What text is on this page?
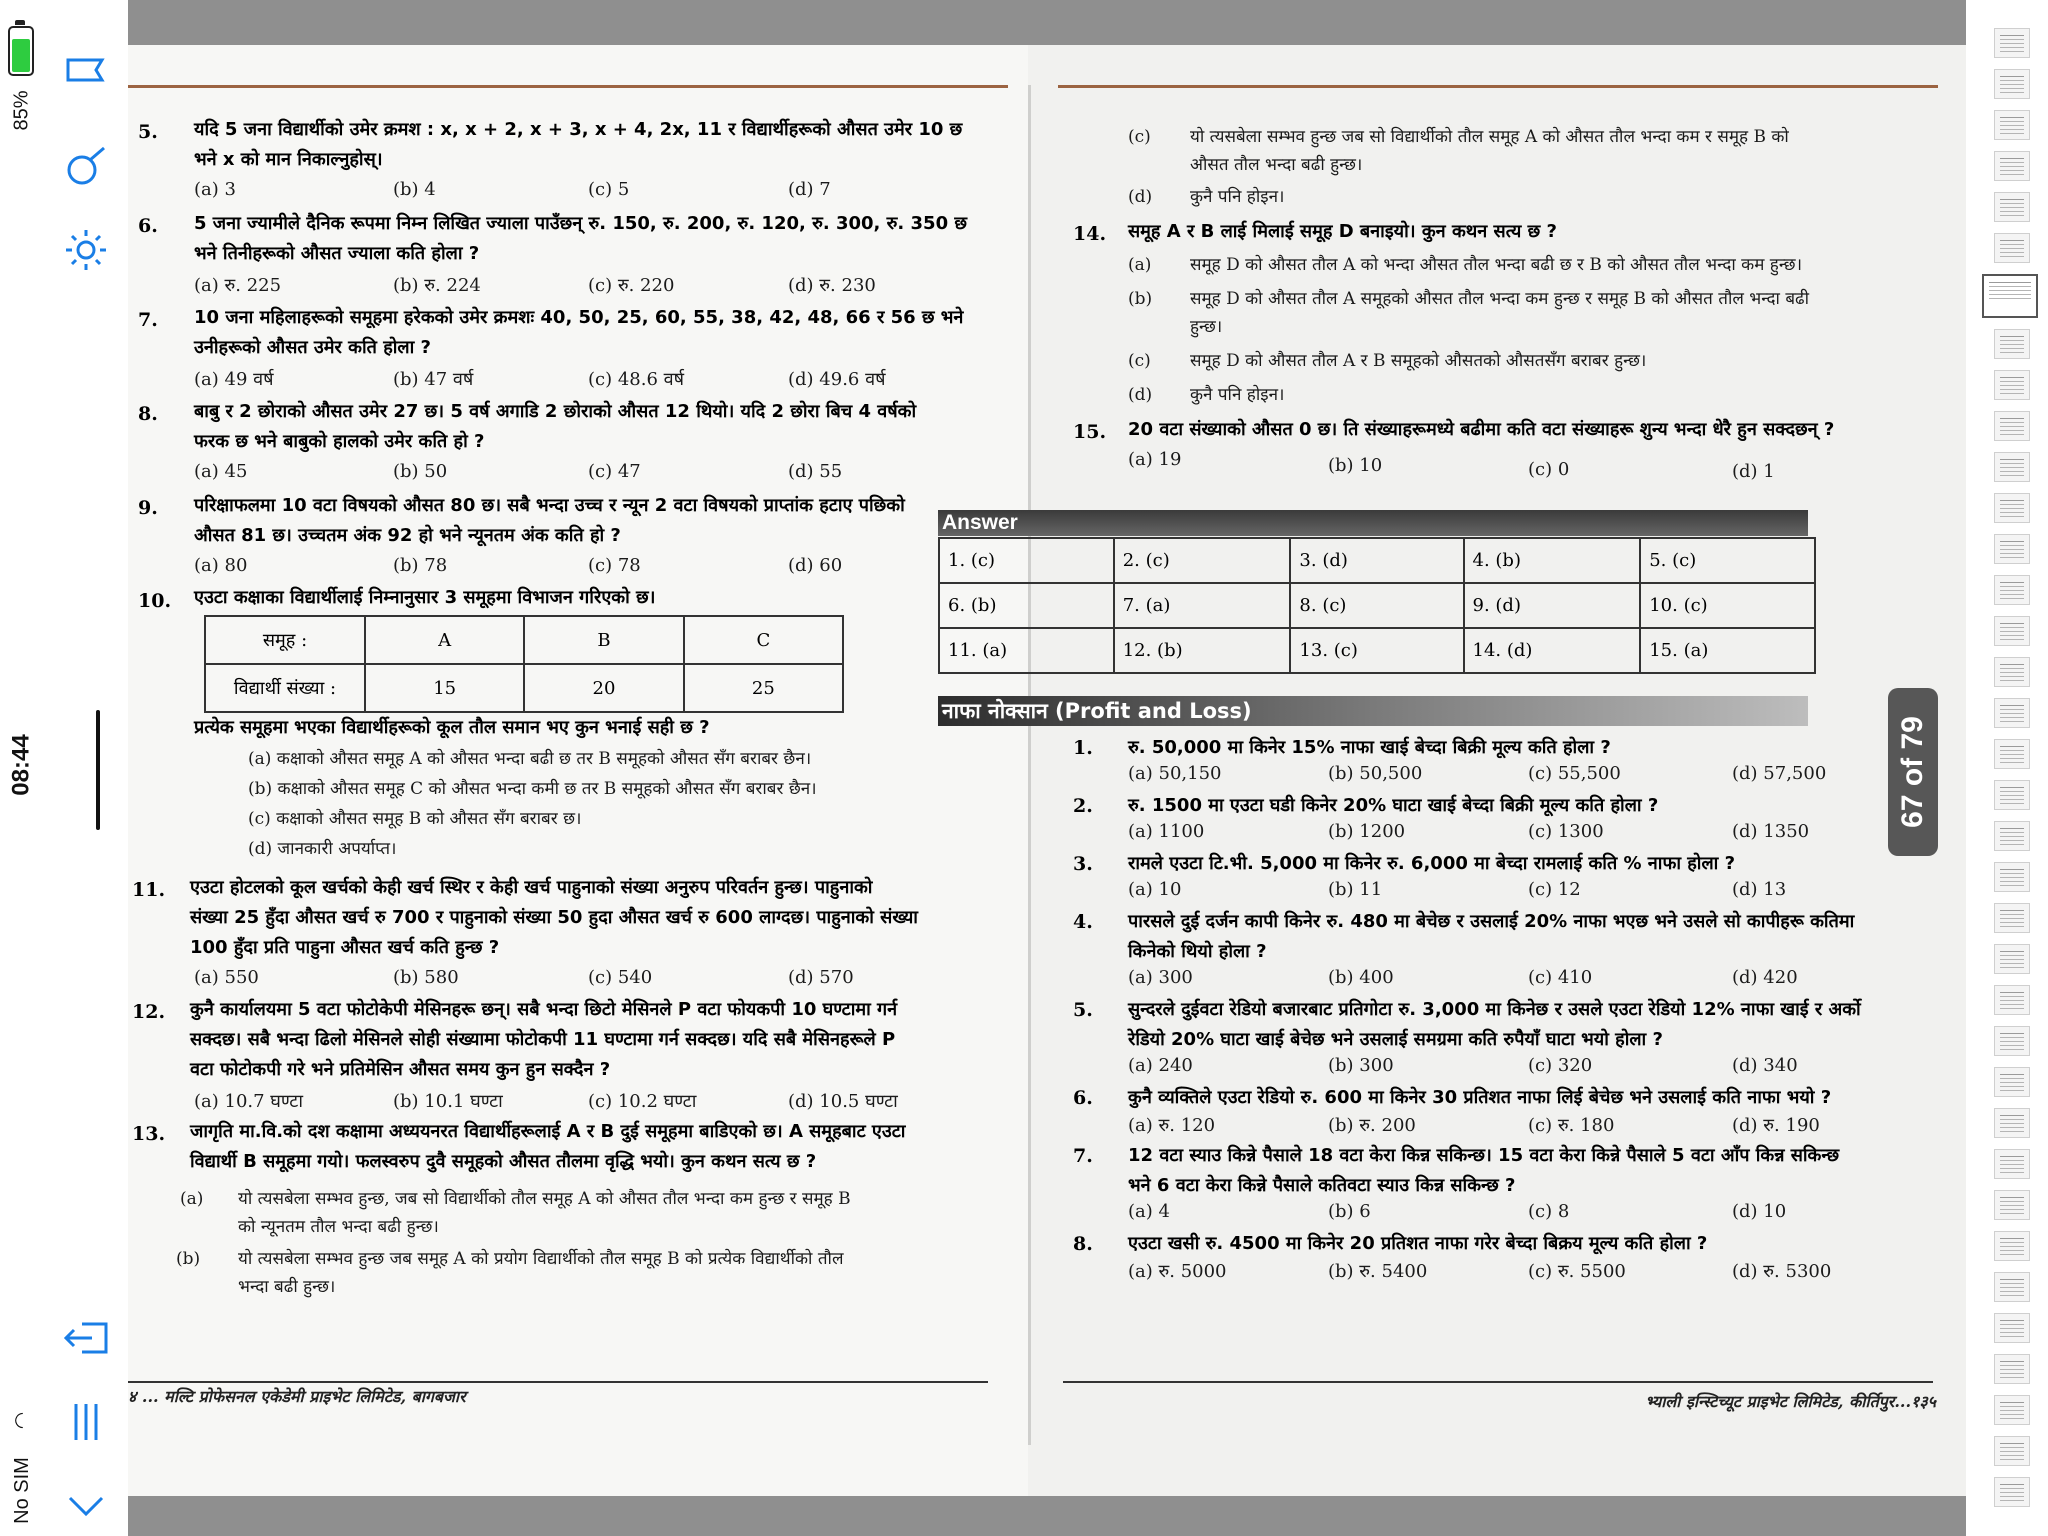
85%
08:44
◠
No SIM
10. एउटा कक्षाका विद्यार्थीलाई निम्नानुसार 3 समूहमा विभाजन गरिएको छ।
समूह :	A	B	C
विद्यार्थी संख्या :	15	20	25
प्रत्येक समूहमा भएका विद्यार्थीहरूको कूल तौल समान भए कुन भनाई सही छ ?
(a) कक्षाको औसत समूह A को औसत भन्दा बढी छ तर B समूहको औसत सँग बराबर छैन।
(b) कक्षाको औसत समूह C को औसत भन्दा कमी छ तर B समूहको औसत सँग बराबर छैन।
(c) कक्षाको औसत समूह B को औसत सँग बराबर छ।
(d) जानकारी अपर्याप्त।
(a) यो त्यसबेला सम्भव हुन्छ, जब सो विद्यार्थीको तौल समूह A को औसत तौल भन्दा कम हुन्छ र समूह B
को न्यूनतम तौल भन्दा बढी हुन्छ।
(b) यो त्यसबेला सम्भव हुन्छ जब समूह A को प्रयोग विद्यार्थीको तौल समूह B को प्रत्येक विद्यार्थीको तौल
भन्दा बढी हुन्छ।
४ ... मल्टि प्रोफेसनल एकेडेमी प्राइभेट लिमिटेड, बागबजार
(c) यो त्यसबेला सम्भव हुन्छ जब सो विद्यार्थीको तौल समूह A को औसत तौल भन्दा कम र समूह B को
औसत तौल भन्दा बढी हुन्छ।
(d) कुनै पनि होइन।
14. समूह A र B लाई मिलाई समूह D बनाइयो। कुन कथन सत्य छ ?
15. 20 वटा संख्याको औसत 0 छ। ति संख्याहरूमध्ये बढीमा कति वटा संख्याहरू शुन्य भन्दा धेरै हुन सक्दछन् ?
(a) 19	(b) 10	(c) 0	(d) 1
Answer
1. (c)	2. (c)	3. (d)	4. (b)	5. (c)
6. (b)	7. (a)	8. (c)	9. (d)	10. (c)
11. (a)	12. (b)	13. (c)	14. (d)	15. (a)
नाफा नोक्सान (Profit and Loss)
भ्याली इन्स्टिच्यूट प्राइभेट लिमिटेड, कीर्तिपुर...१३५
5. यदि 5 जना विद्यार्थीको उमेर क्रमश : x, x + 2, x + 3, x + 4, 2x, 11 र विद्यार्थीहरूको औसत उमेर 10 छ
भने x को मान निकाल्नुहोस्।
(a) 3	(b) 4	(c) 5	(d) 7
6. 5 जना ज्यामीले दैनिक रूपमा निम्न लिखित ज्याला पाउँछन् रु. 150, रु. 200, रु. 120, रु. 300, रु. 350 छ
भने तिनीहरूको औसत ज्याला कति होला ?
(a) रु. 225	(b) रु. 224	(c) रु. 220	(d) रु. 230
7. 10 जना महिलाहरूको समूहमा हरेकको उमेर क्रमशः 40, 50, 25, 60, 55, 38, 42, 48, 66 र 56 छ भने
उनीहरूको औसत उमेर कति होला ?
(a) 49 वर्ष	(b) 47 वर्ष	(c) 48.6 वर्ष	(d) 49.6 वर्ष
8. बाबु र 2 छोराको औसत उमेर 27 छ। 5 वर्ष अगाडि 2 छोराको औसत 12 थियो। यदि 2 छोरा बिच 4 वर्षको
फरक छ भने बाबुको हालको उमेर कति हो ?
(a) 45	(b) 50	(c) 47	(d) 55
9. परिक्षाफलमा 10 वटा विषयको औसत 80 छ। सबै भन्दा उच्च र न्यून 2 वटा विषयको प्राप्तांक हटाए पछिको
औसत 81 छ। उच्चतम अंक 92 हो भने न्यूनतम अंक कति हो ?
(a) 80	(b) 78	(c) 78	(d) 60
11. एउटा होटलको कूल खर्चको केही खर्च स्थिर र केही खर्च पाहुनाको संख्या अनुरुप परिवर्तन हुन्छ। पाहुनाको
संख्या 25 हुँदा औसत खर्च रु 700 र पाहुनाको संख्या 50 हुदा औसत खर्च रु 600 लाग्दछ। पाहुनाको संख्या
100 हुँदा प्रति पाहुना औसत खर्च कति हुन्छ ?
(a) 550	(b) 580	(c) 540	(d) 570
12. कुनै कार्यालयमा 5 वटा फोटोकेपी मेसिनहरू छन्। सबै भन्दा छिटो मेसिनले P वटा फोयकपी 10 घण्टामा गर्न
सक्दछ। सबै भन्दा ढिलो मेसिनले सोही संख्यामा फोटोकपी 11 घण्टामा गर्न सक्दछ। यदि सबै मेसिनहरूले P
वटा फोटोकपी गरे भने प्रतिमेसिन औसत समय कुन हुन सक्दैन ?
(a) 10.7 घण्टा	(b) 10.1 घण्टा	(c) 10.2 घण्टा	(d) 10.5 घण्टा
13. जागृति मा.वि.को दश कक्षामा अध्ययनरत विद्यार्थीहरूलाई A र B दुई समूहमा बाडिएको छ। A समूहबाट एउटा
विद्यार्थी B समूहमा गयो। फलस्वरुप दुवै समूहको औसत तौलमा वृद्धि भयो। कुन कथन सत्य छ ?
(a) समूह D को औसत तौल A को भन्दा औसत तौल भन्दा बढी छ र B को औसत तौल भन्दा कम हुन्छ।
(b) समूह D को औसत तौल A समूहको औसत तौल भन्दा कम हुन्छ र समूह B को औसत तौल भन्दा बढी
हुन्छ।
(c) समूह D को औसत तौल A र B समूहको औसतको औसतसँग बराबर हुन्छ।
(d) कुनै पनि होइन।
1. रु. 50,000 मा किनेर 15% नाफा खाई बेच्दा बिक्री मूल्य कति होला ?
(a) 50,150	(b) 50,500	(c) 55,500	(d) 57,500
2. रु. 1500 मा एउटा घडी किनेर 20% घाटा खाई बेच्दा बिक्री मूल्य कति होला ?
(a) 1100	(b) 1200	(c) 1300	(d) 1350
3. रामले एउटा टि.भी. 5,000 मा किनेर रु. 6,000 मा बेच्दा रामलाई कति % नाफा होला ?
(a) 10	(b) 11	(c) 12	(d) 13
4. पारसले दुई दर्जन कापी किनेर रु. 480 मा बेचेछ र उसलाई 20% नाफा भएछ भने उसले सो कापीहरू कतिमा
किनेको थियो होला ?
(a) 300	(b) 400	(c) 410	(d) 420
5. सुन्दरले दुईवटा रेडियो बजारबाट प्रतिगोटा रु. 3,000 मा किनेछ र उसले एउटा रेडियो 12% नाफा खाई र अर्को
रेडियो 20% घाटा खाई बेचेछ भने उसलाई समग्रमा कति रुपैयाँ घाटा भयो होला ?
(a) 240	(b) 300	(c) 320	(d) 340
6. कुनै व्यक्तिले एउटा रेडियो रु. 600 मा किनेर 30 प्रतिशत नाफा लिई बेचेछ भने उसलाई कति नाफा भयो ?
(a) रु. 120	(b) रु. 200	(c) रु. 180	(d) रु. 190
7. 12 वटा स्याउ किन्ने पैसाले 18 वटा केरा किन्न सकिन्छ। 15 वटा केरा किन्ने पैसाले 5 वटा आँप किन्न सकिन्छ
भने 6 वटा केरा किन्ने पैसाले कतिवटा स्याउ किन्न सकिन्छ ?
(a) 4	(b) 6	(c) 8	(d) 10
8. एउटा खसी रु. 4500 मा किनेर 20 प्रतिशत नाफा गरेर बेच्दा बिक्रय मूल्य कति होला ?
(a) रु. 5000	(b) रु. 5400	(c) रु. 5500	(d) रु. 5300
67 of 79
